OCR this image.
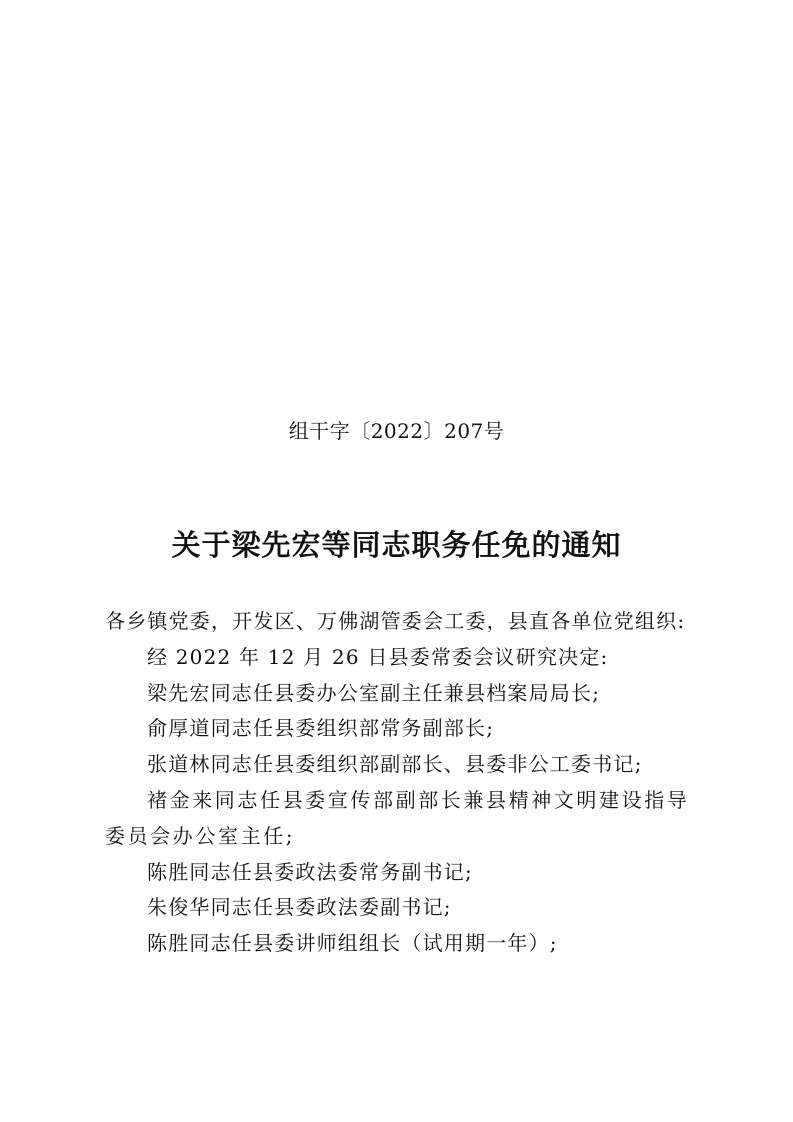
组干字〔2022〕207号
关于梁先宏等同志职务任免的通知

各乡镇党委，开发区、万佛湖管委会工委，县直各单位党组织:

经 2022 年 12 月 26 日县委常委会议研究决定:

梁先宏同志任县委办公室副主任兼县档案局局长;

俞厚道同志任县委组织部常务副部长;

张道林同志任县委组织部副部长、县委非公工委书记;

褚金来同志任县委宣传部副部长兼县精神文明建设指导委员会办公室主任;

陈胜同志任县委政法委常务副书记;

朱俊华同志任县委政法委副书记;

陈胜同志任县委讲师组组长（试用期一年）;
